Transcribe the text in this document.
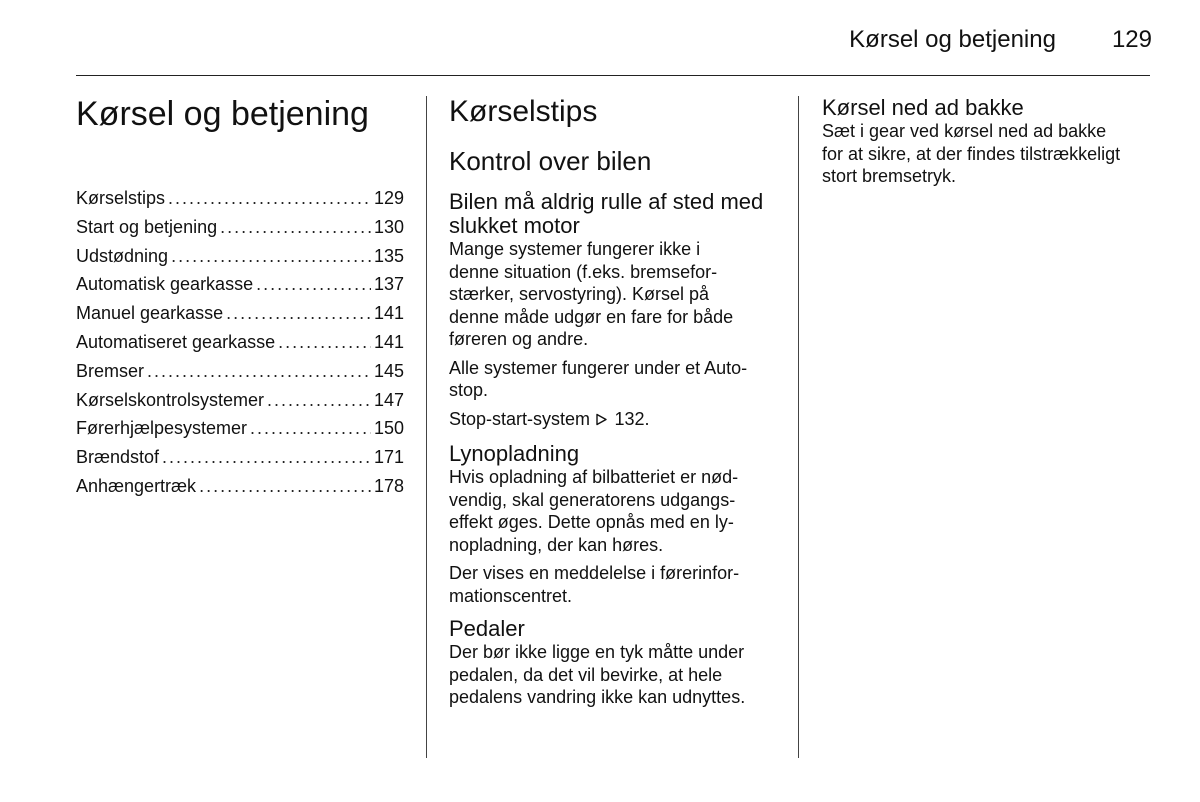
Kørsel og betjening 129
Kørsel og betjening
Kørselstips .....	129
Start og betjening .....	130
Udstødning .....	135
Automatisk gearkasse .....	137
Manuel gearkasse .....	141
Automatiseret gearkasse .....	141
Bremser .....	145
Kørselskontrolsystemer .....	147
Førerhjælpesystemer .....	150
Brændstof .....	171
Anhængertræk .....	178
Kørselstips
Kontrol over bilen
Bilen må aldrig rulle af sted med
slukket motor

Mange systemer fungerer ikke i
denne situation (f.eks. bremsefor-
stærker, servostyring). Kørsel på
denne måde udgør en fare for både
føreren og andre.

Alle systemer fungerer under et Auto-
stop.

Stop-start-system 132.

Lynopladning

Hvis opladning af bilbatteriet er nød-
vendig, skal generatorens udgangs-
effekt øges. Dette opnås med en ly-
nopladning, der kan høres.

Der vises en meddelelse i førerinfor-
mationscentret.

Pedaler

Der bør ikke ligge en tyk måtte under
pedalen, da det vil bevirke, at hele
pedalens vandring ikke kan udnyttes.

Kørsel ned ad bakke

Sæt i gear ved kørsel ned ad bakke
for at sikre, at der findes tilstrækkeligt
stort bremsetryk.
